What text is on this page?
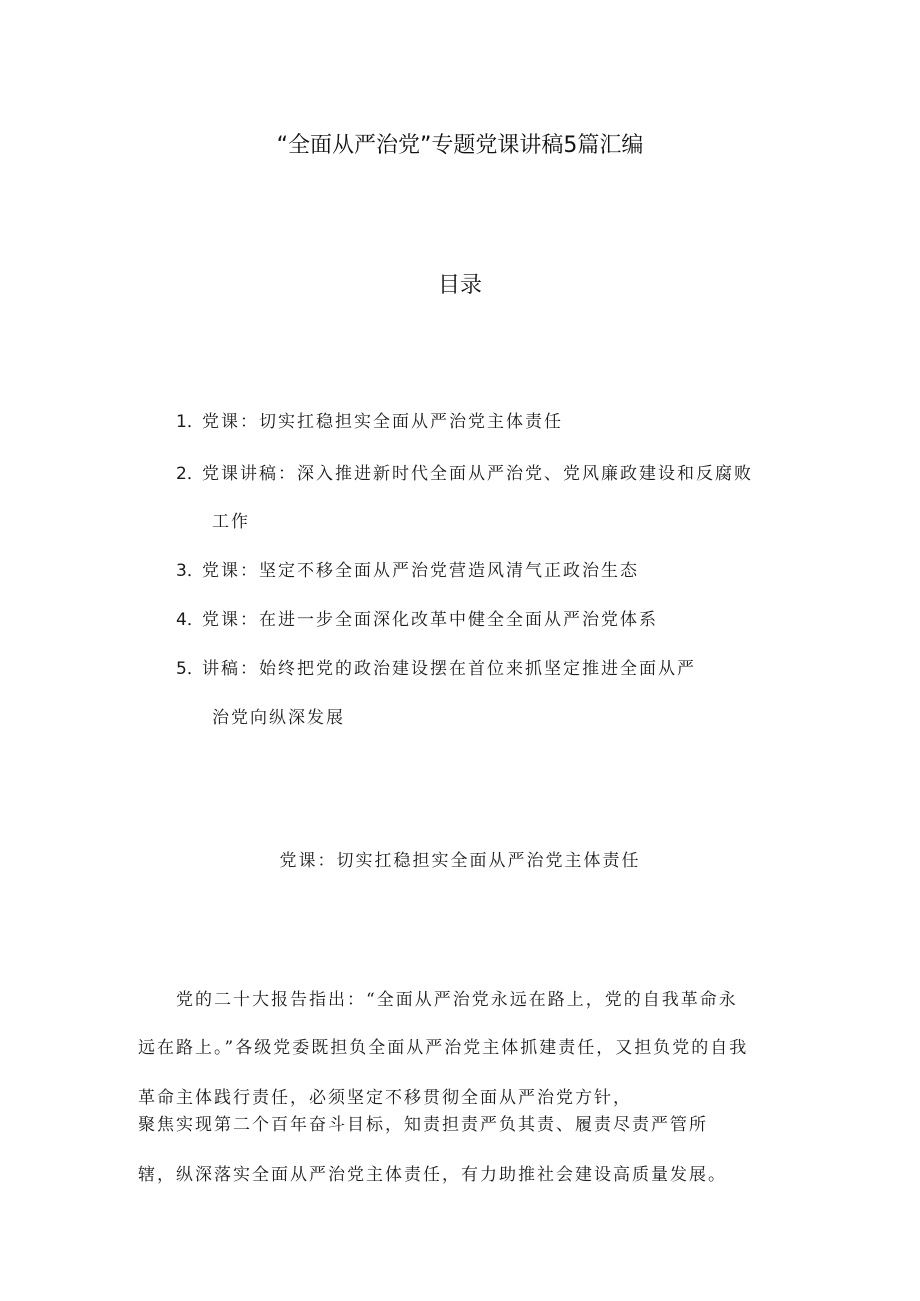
“全面从严治党”专题党课讲稿5篇汇编
目录
1．党课：切实扛稳担实全面从严治党主体责任
2．党课讲稿：深入推进新时代全面从严治党、党风廉政建设和反腐败
工作
3．党课：坚定不移全面从严治党营造风清气正政治生态
4．党课：在进一步全面深化改革中健全全面从严治党体系
5．讲稿：始终把党的政治建设摆在首位来抓坚定推进全面从严
治党向纵深发展
党课：切实扛稳担实全面从严治党主体责任
党的二十大报告指出：“全面从严治党永远在路上，党的自我革命永
远在路上。”各级党委既担负全面从严治党主体抓建责任，又担负党的自我
革命主体践行责任，必须坚定不移贯彻全面从严治党方针，
聚焦实现第二个百年奋斗目标，知责担责严负其责、履责尽责严管所
辖，纵深落实全面从严治党主体责任，有力助推社会建设高质量发展。
